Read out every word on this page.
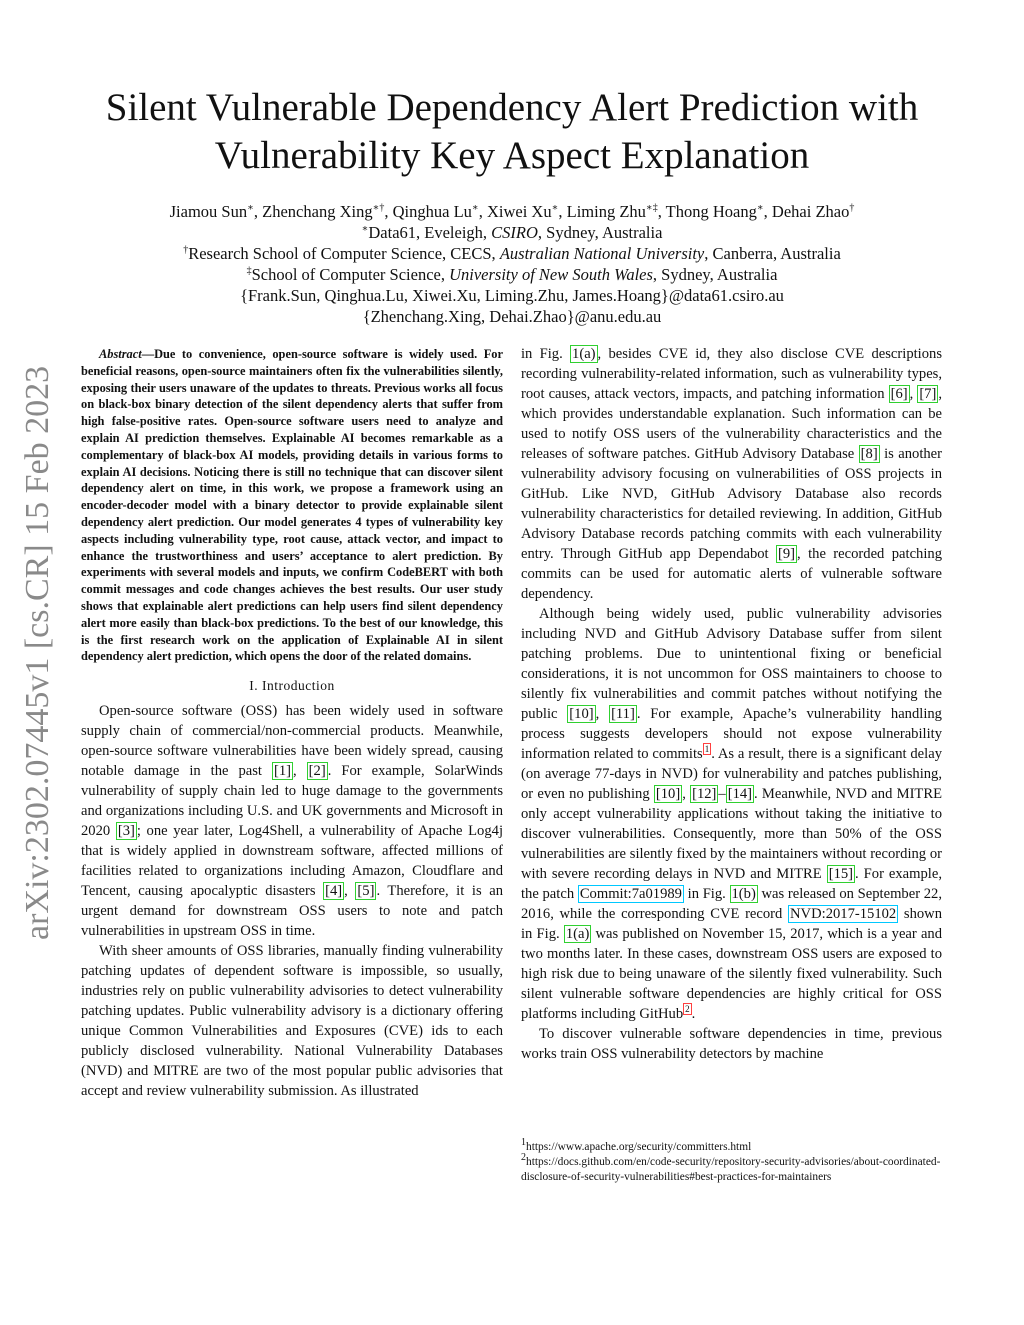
Silent Vulnerable Dependency Alert Prediction with
Vulnerability Key Aspect Explanation
Jiamou Sun∗, Zhenchang Xing∗†, Qinghua Lu∗, Xiwei Xu∗, Liming Zhu∗‡, Thong Hoang∗, Dehai Zhao†
∗Data61, Eveleigh, CSIRO, Sydney, Australia
†Research School of Computer Science, CECS, Australian National University, Canberra, Australia
‡School of Computer Science, University of New South Wales, Sydney, Australia
{Frank.Sun, Qinghua.Lu, Xiwei.Xu, Liming.Zhu, James.Hoang}@data61.csiro.au
{Zhenchang.Xing, Dehai.Zhao}@anu.edu.au
arXiv:2302.07445v1 [cs.CR] 15 Feb 2023

Abstract—Due to convenience, open-source software is widely used. For beneficial reasons, open-source maintainers often fix the vulnerabilities silently, exposing their users unaware of the updates to threats. Previous works all focus on black-box binary detection of the silent dependency alerts that suffer from high false-positive rates. Open-source software users need to analyze and explain AI prediction themselves. Explainable AI becomes remarkable as a complementary of black-box AI models, providing details in various forms to explain AI decisions. Noticing there is still no technique that can discover silent dependency alert on time, in this work, we propose a framework using an encoder-decoder model with a binary detector to provide explainable silent dependency alert prediction. Our model generates 4 types of vulnerability key aspects including vulnerability type, root cause, attack vector, and impact to enhance the trustworthiness and users’ acceptance to alert prediction. By experiments with several models and inputs, we confirm CodeBERT with both commit messages and code changes achieves the best results. Our user study shows that explainable alert predictions can help users find silent dependency alert more easily than black-box predictions. To the best of our knowledge, this is the first research work on the application of Explainable AI in silent dependency alert prediction, which opens the door of the related domains.

I. Introduction

Open-source software (OSS) has been widely used in software supply chain of commercial/non-commercial products. Meanwhile, open-source software vulnerabilities have been widely spread, causing notable damage in the past [1] , [2] . For example, SolarWinds vulnerability of supply chain led to huge damage to the governments and organizations including U.S. and UK governments and Microsoft in 2020 [3] ; one year later, Log4Shell, a vulnerability of Apache Log4j that is widely applied in downstream software, affected millions of facilities related to organizations including Amazon, Cloudflare and Tencent, causing apocalyptic disasters [4] , [5] . Therefore, it is an urgent demand for downstream OSS users to note and patch vulnerabilities in upstream OSS in time.

With sheer amounts of OSS libraries, manually finding vulnerability patching updates of dependent software is impossible, so usually, industries rely on public vulnerability advisories to detect vulnerability patching updates. Public vulnerability advisory is a dictionary offering unique Common Vulnerabilities and Exposures (CVE) ids to each publicly disclosed vulnerability. National Vulnerability Databases (NVD) and MITRE are two of the most popular public advisories that accept and review vulnerability submission. As illustrated

in Fig. 1(a) , besides CVE id, they also disclose CVE descriptions recording vulnerability-related information, such as vulnerability types, root causes, attack vectors, impacts, and patching information [6] , [7] , which provides understandable explanation. Such information can be used to notify OSS users of the vulnerability characteristics and the releases of software patches. GitHub Advisory Database [8] is another vulnerability advisory focusing on vulnerabilities of OSS projects in GitHub. Like NVD, GitHub Advisory Database also records vulnerability characteristics for detailed reviewing. In addition, GitHub Advisory Database records patching commits with each vulnerability entry. Through GitHub app Dependabot [9] , the recorded patching commits can be used for automatic alerts of vulnerable software dependency.

Although being widely used, public vulnerability advisories including NVD and GitHub Advisory Database suffer from silent patching problems. Due to unintentional fixing or beneficial considerations, it is not uncommon for OSS maintainers to choose to silently fix vulnerabilities and commit patches without notifying the public [10] , [11] . For example, Apache’s vulnerability handling process suggests developers should not expose vulnerability information related to commits $^1$ . As a result, there is a significant delay (on average 77-days in NVD) for vulnerability and patches publishing, or even no publishing [10] , [12] – [14] . Meanwhile, NVD and MITRE only accept vulnerability applications without taking the initiative to discover vulnerabilities. Consequently, more than 50% of the OSS vulnerabilities are silently fixed by the maintainers without recording or with severe recording delays in NVD and MITRE [15] . For example, the patch Commit:7a01989 in Fig. 1(b) was released on September 22, 2016, while the corresponding CVE record NVD:2017-15102 shown in Fig. 1(a) was published on November 15, 2017, which is a year and two months later. In these cases, downstream OSS users are exposed to high risk due to being unaware of the silently fixed vulnerability. Such silent vulnerable software dependencies are highly critical for OSS platforms including GitHub $^2$ .

To discover vulnerable software dependencies in time, previous works train OSS vulnerability detectors by machine

$^1$https://www.apache.org/security/committers.html
$^2$https://docs.github.com/en/code-security/repository-security-advisories/about-coordinated-disclosure-of-security-vulnerabilities#best-practices-for-maintainers
